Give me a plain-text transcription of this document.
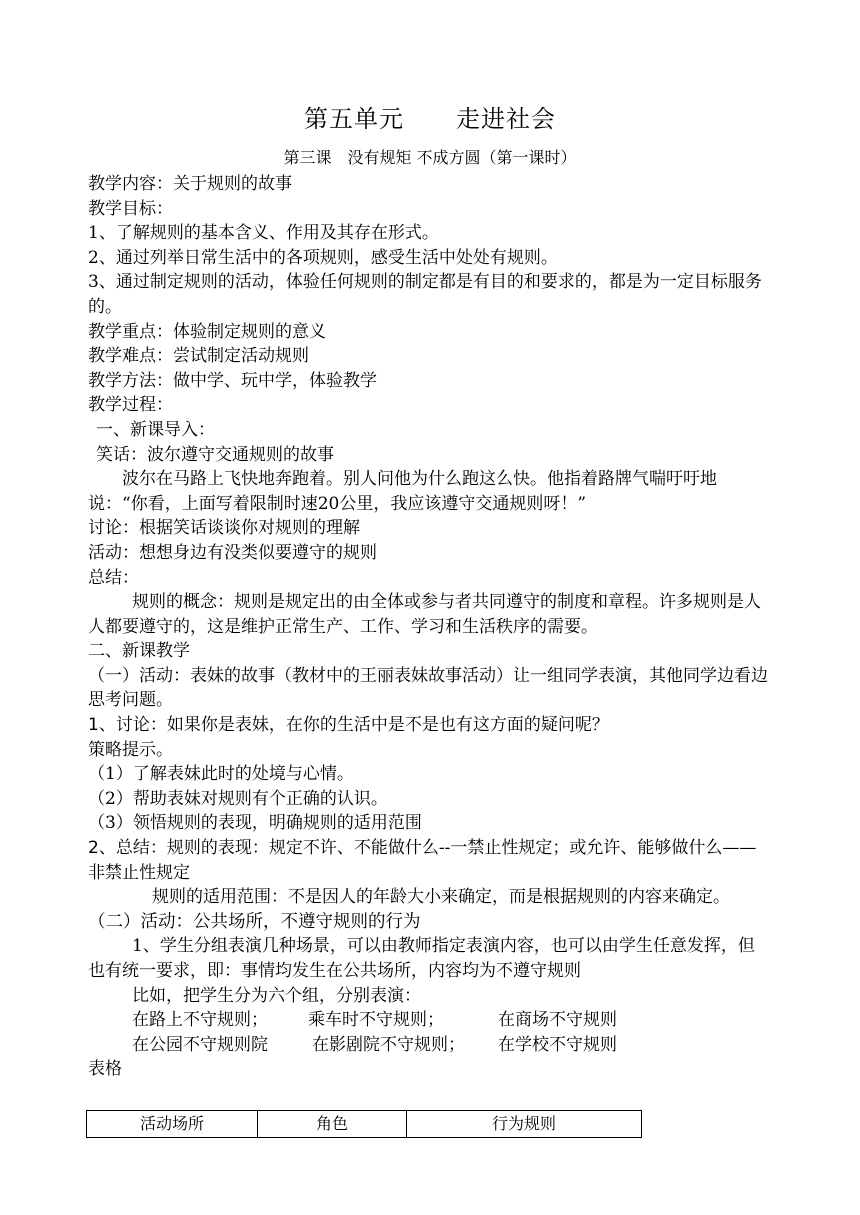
第五单元 走进社会
第三课　没有规矩 不成方圆（第一课时）

教学内容：关于规则的故事

教学目标：

1、了解规则的基本含义、作用及其存在形式。

2、通过列举日常生活中的各项规则，感受生活中处处有规则。

3、通过制定规则的活动，体验任何规则的制定都是有目的和要求的，都是为一定目标服务的。

教学重点：体验制定规则的意义

教学难点：尝试制定活动规则

教学方法：做中学、玩中学，体验教学

教学过程：

一、新课导入：

笑话：波尔遵守交通规则的故事

波尔在马路上飞快地奔跑着。别人问他为什么跑这么快。他指着路牌气喘吁吁地说：“你看，上面写着限制时速20公里，我应该遵守交通规则呀！”

讨论：根据笑话谈谈你对规则的理解

活动：想想身边有没类似要遵守的规则

总结：

规则的概念：规则是规定出的由全体或参与者共同遵守的制度和章程。许多规则是人人都要遵守的，这是维护正常生产、工作、学习和生活秩序的需要。

二、新课教学

（一）活动：表妹的故事（教材中的王丽表妹故事活动）让一组同学表演，其他同学边看边思考问题。

1、讨论：如果你是表妹，在你的生活中是不是也有这方面的疑问呢？

策略提示。

（1）了解表妹此时的处境与心情。

（2）帮助表妹对规则有个正确的认识。

（3）领悟规则的表现，明确规则的适用范围

2、总结：规则的表现：规定不许、不能做什么--一禁止性规定；或允许、能够做什么——非禁止性规定

规则的适用范围：不是因人的年龄大小来确定，而是根据规则的内容来确定。

（二）活动：公共场所，不遵守规则的行为

1、学生分组表演几种场景，可以由教师指定表演内容，也可以由学生任意发挥，但也有统一要求，即：事情均发生在公共场所，内容均为不遵守规则

比如，把学生分为六个组，分别表演：

在路上不守规则；	乘车时不守规则；	在商场不守规则

在公园不守规则院	在影剧院不守规则；	在学校不守规则

表格

活动场所	角色	行为规则
